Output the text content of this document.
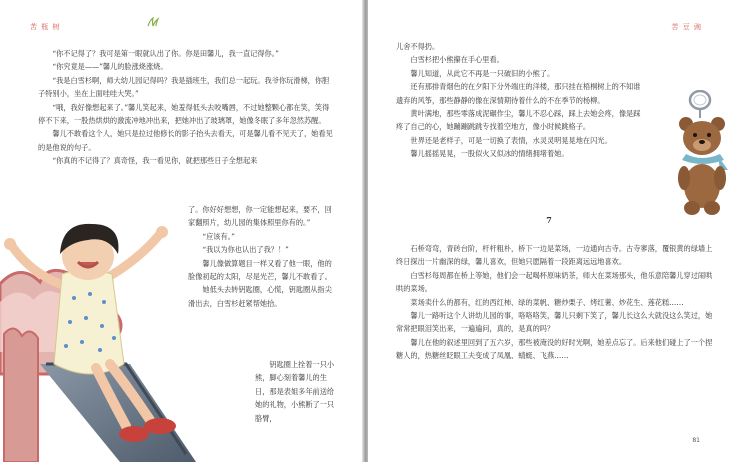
苦 瓶 树

“你不记得了？我可是第一眼就认出了你。你是田馨儿，我一直记得你。”

“你究竟是——”馨儿的脸涨烧涨烧。

“我是白雪杉啊，师大幼儿园记得吗？我是插班生，我们总一起玩。我爷你玩滑梯，你胆子特别小，坐在上面哇哇大哭。”

“哦，我好像想起来了。”馨儿笑起来，她羞得低头去咬嘴唇，不过她整颗心都在笑，笑得停不下来，一股热烘烘的激流冲地冲出来，把她冲出了玻璃罩，她像冬眠了多年忽然苏醒。

馨儿不敢看这个人，她只是拉过他修长的影子抬头去看天，可是馨儿看不见天了，她看见的是他说的句子。

“你真的不记得了？真奇怪，我一看见你，就把那些日子全想起来

了。你好好想想，你一定能想起来，要不，回家翻照片，幼儿园的集体照里你有的。”

“应该有。”

“我以为你也认出了我？！”

馨儿像做算题目一样又看了他一眼，他的脸像初起的太阳，尽是光芒，馨儿不敢看了。

她低头去转钥匙圈，心慌，钥匙圈从指尖滑出去，白雪杉赶紧帮她拾。

钥匙圈上拴着一只小熊，脚心刻着馨儿的生日，那是表姐多年前送给她的礼物，小熊断了一只胳臂，

苦 豆 豌

儿舍不得扔。

白雪杉把小熊攥在手心里看。

馨儿知道，从此它不再是一只破旧的小熊了。

还有那排青烟色的在夕阳下分外端庄的洋楼，那只挂在梧桐树上的不知谁遗弃的风筝，那些静静的像在深情期待着什么的不在季节的杨柳。

黄叶满地，那些零落成泥碾作尘，馨儿不忍心踩，踩上去她会疼，像是踩疼了自己的心，她蹦蹦跳跳专找着空地方，像小时候跳格子。

世界还是老样子，可是一切换了表情，水灵灵明晃晃地在闪光。

馨儿摇摇晃晃，一股似火又似冰的情绪拥堵着她。

7

石桥弯弯，青砖台阶，杆杆粗朴，桥下一边是菜场，一边通向古寺。古寺寥落，覆银黄的绿墙上终日探出一片幽深的绿，馨儿喜欢，但她只愿隔着一段距离远远地喜欢。

白雪杉每周都在桥上等她，他们会一起喝杯原味奶茶，师大在菜场那头，他乐意陪馨儿穿过闹哄哄的菜场。

菜场卖什么的都有，红的西红柿、绿的菜帆、糖炒栗子、烤红薯、炒花生、莲花糕……

馨儿一路听这个人讲幼儿园的事，咯咯咯笑，馨儿只剩下笑了，馨儿长这么大就没这么笑过，她常常把眼泪笑出来，一遍遍问，真的，是真的吗？

馨儿在他的叙述里回到了五六岁，那些被淹没的好时光啊，她差点忘了。后来他们碰上了一个捏糖人的，热糖丝眨眼工夫变成了凤凰、蜻蜓、飞燕……

81
